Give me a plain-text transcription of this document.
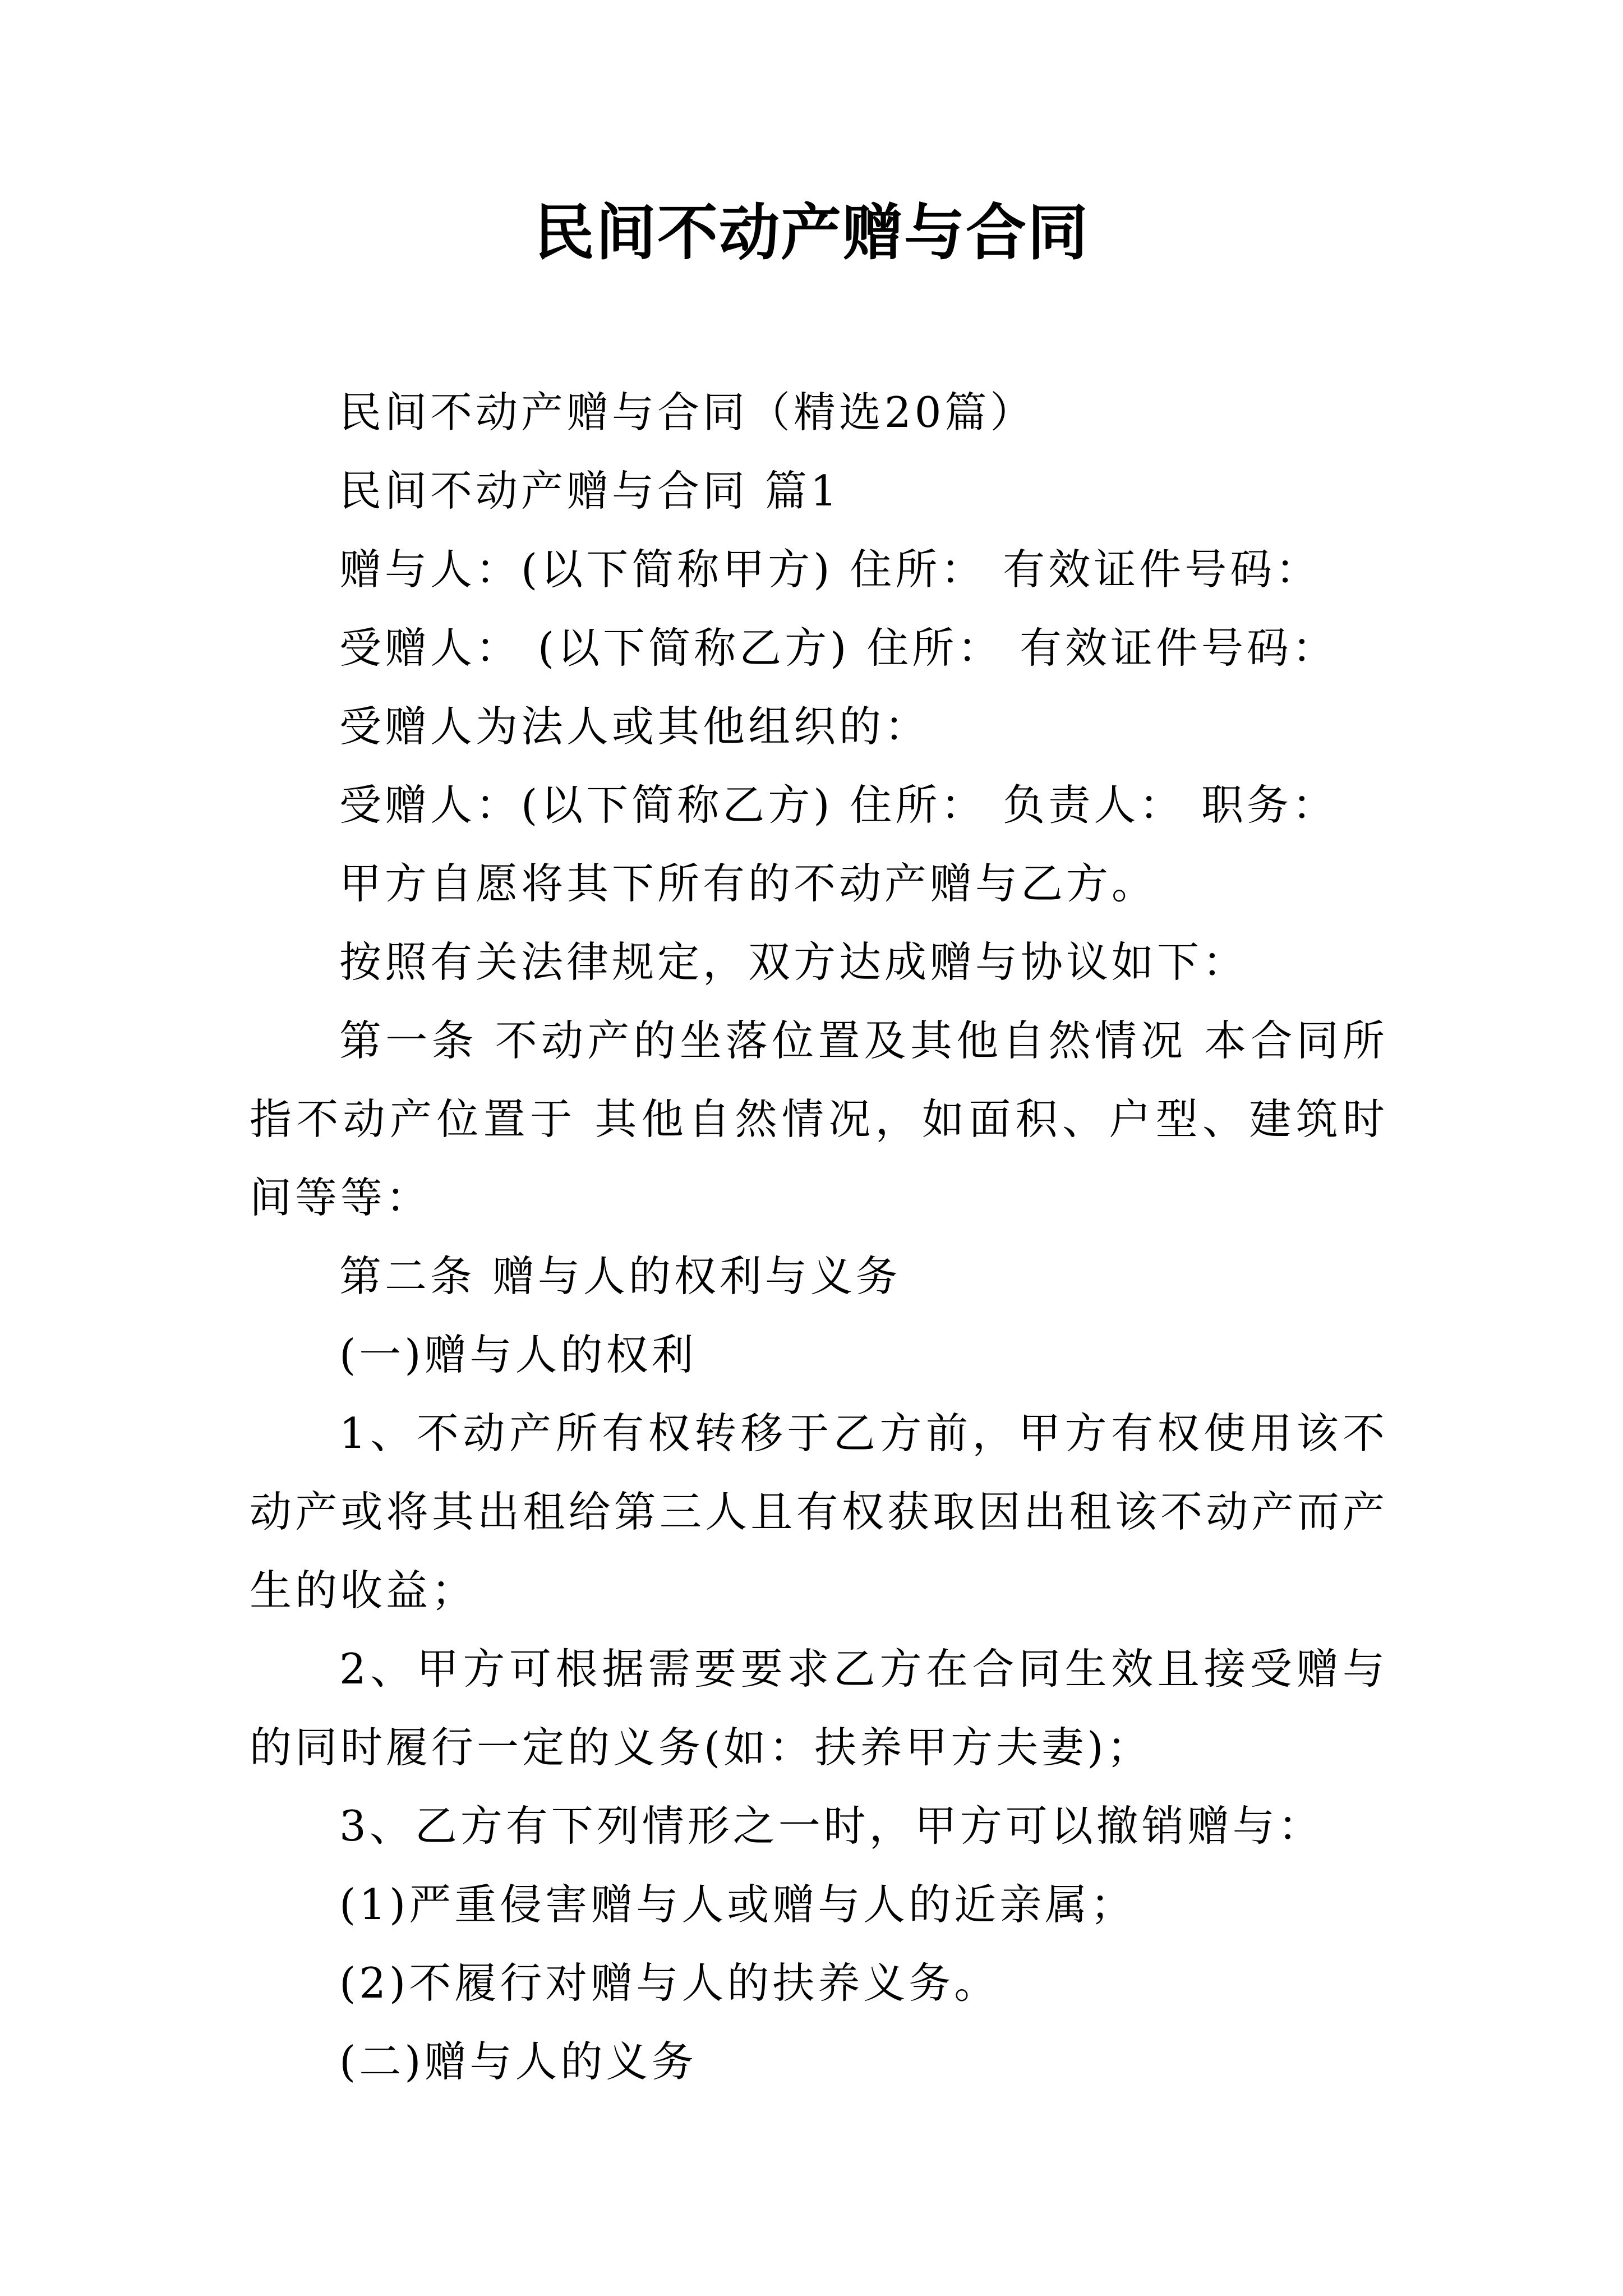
民间不动产赠与合同

民间不动产赠与合同（精选20篇）

民间不动产赠与合同 篇1

赠与人：(以下简称甲方) 住所： 有效证件号码：

受赠人： (以下简称乙方) 住所： 有效证件号码：

受赠人为法人或其他组织的：

受赠人：(以下简称乙方) 住所： 负责人： 职务：

甲方自愿将其下所有的不动产赠与乙方。

按照有关法律规定，双方达成赠与协议如下：

第一条 不动产的坐落位置及其他自然情况 本合同所指不动产位置于 其他自然情况，如面积、户型、建筑时间等等：

第二条 赠与人的权利与义务

(一)赠与人的权利

1、不动产所有权转移于乙方前，甲方有权使用该不动产或将其出租给第三人且有权获取因出租该不动产而产生的收益；

2、甲方可根据需要要求乙方在合同生效且接受赠与的同时履行一定的义务(如：扶养甲方夫妻)；

3、乙方有下列情形之一时，甲方可以撤销赠与：

(1)严重侵害赠与人或赠与人的近亲属；

(2)不履行对赠与人的扶养义务。

(二)赠与人的义务
